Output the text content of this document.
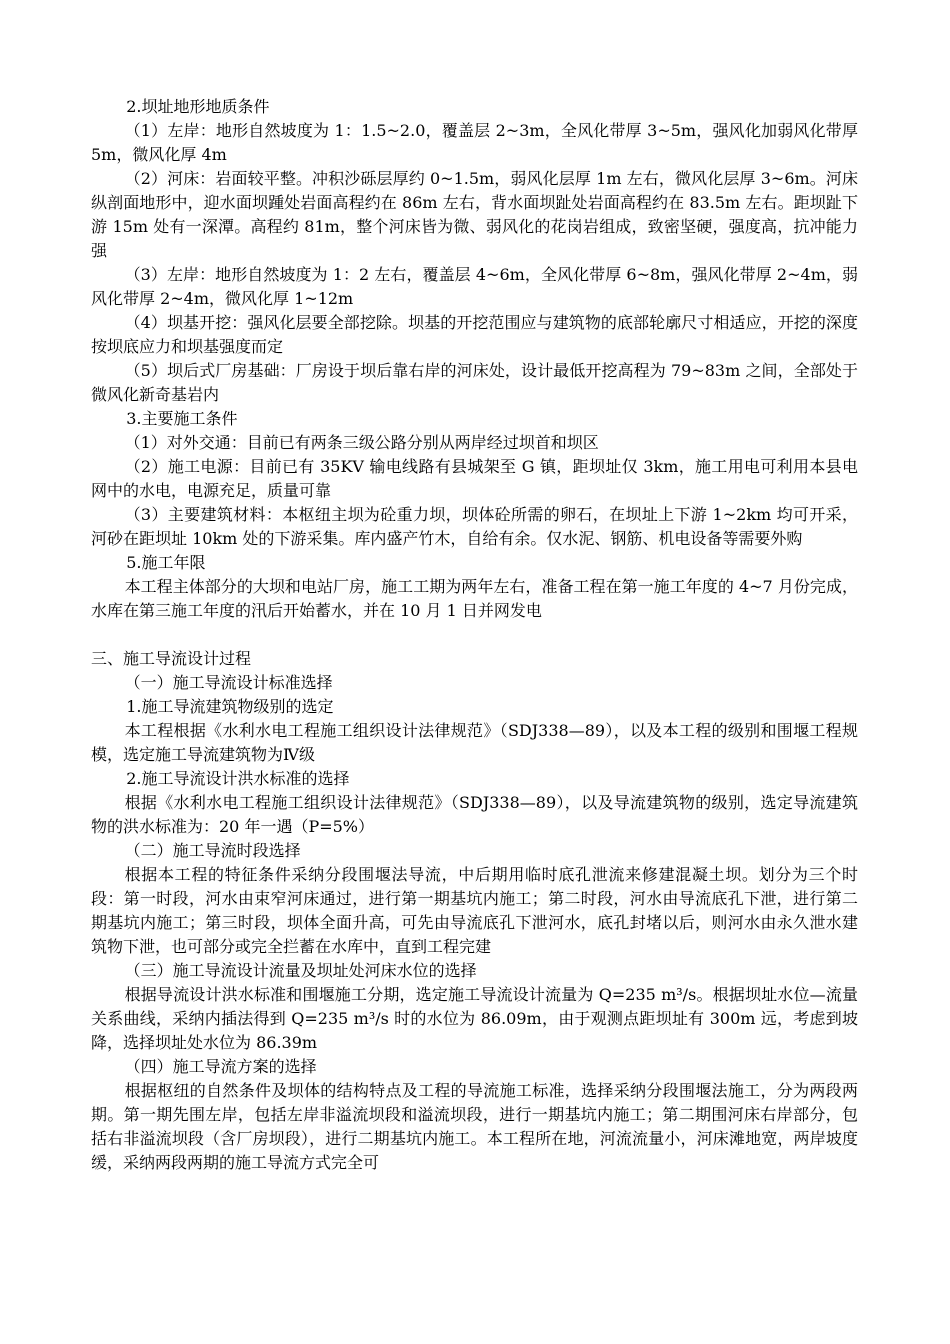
2.坝址地形地质条件

（1）左岸：地形自然坡度为 1：1.5~2.0，覆盖层 2~3m，全风化带厚 3~5m，强风化加弱风化带厚 5m，微风化厚 4m

（2）河床：岩面较平整。冲积沙砾层厚约 0~1.5m，弱风化层厚 1m 左右，微风化层厚 3~6m。河床纵剖面地形中，迎水面坝踵处岩面高程约在 86m 左右，背水面坝趾处岩面高程约在 83.5m 左右。距坝趾下游 15m 处有一深潭。高程约 81m，整个河床皆为微、弱风化的花岗岩组成，致密坚硬，强度高，抗冲能力强

（3）左岸：地形自然坡度为 1：2 左右，覆盖层 4~6m，全风化带厚 6~8m，强风化带厚 2~4m，弱风化带厚 2~4m，微风化厚 1~12m

（4）坝基开挖：强风化层要全部挖除。坝基的开挖范围应与建筑物的底部轮廓尺寸相适应，开挖的深度按坝底应力和坝基强度而定

（5）坝后式厂房基础：厂房设于坝后靠右岸的河床处，设计最低开挖高程为 79~83m 之间，全部处于微风化新奇基岩内

3.主要施工条件

（1）对外交通：目前已有两条三级公路分别从两岸经过坝首和坝区

（2）施工电源：目前已有 35KV 输电线路有县城架至 G 镇，距坝址仅 3km，施工用电可利用本县电网中的水电，电源充足，质量可靠

（3）主要建筑材料：本枢纽主坝为砼重力坝，坝体砼所需的卵石，在坝址上下游 1~2km 均可开采，河砂在距坝址 10km 处的下游采集。库内盛产竹木，自给有余。仅水泥、钢筋、机电设备等需要外购

5.施工年限

本工程主体部分的大坝和电站厂房，施工工期为两年左右，准备工程在第一施工年度的 4~7 月份完成，水库在第三施工年度的汛后开始蓄水，并在 10 月 1 日并网发电

三、施工导流设计过程

（一）施工导流设计标准选择

1.施工导流建筑物级别的选定

本工程根据《水利水电工程施工组织设计法律规范》（SDJ338—89），以及本工程的级别和围堰工程规模，选定施工导流建筑物为Ⅳ级

2.施工导流设计洪水标准的选择

根据《水利水电工程施工组织设计法律规范》（SDJ338—89），以及导流建筑物的级别，选定导流建筑物的洪水标准为：20 年一遇（P=5%）

（二）施工导流时段选择

根据本工程的特征条件采纳分段围堰法导流，中后期用临时底孔泄流来修建混凝土坝。划分为三个时段：第一时段，河水由束窄河床通过，进行第一期基坑内施工；第二时段，河水由导流底孔下泄，进行第二期基坑内施工；第三时段，坝体全面升高，可先由导流底孔下泄河水，底孔封堵以后，则河水由永久泄水建筑物下泄，也可部分或完全拦蓄在水库中，直到工程完建

（三）施工导流设计流量及坝址处河床水位的选择

根据导流设计洪水标准和围堰施工分期，选定施工导流设计流量为 Q=235 m³/s。根据坝址水位—流量关系曲线，采纳内插法得到 Q=235 m³/s 时的水位为 86.09m，由于观测点距坝址有 300m 远，考虑到坡降，选择坝址处水位为 86.39m

（四）施工导流方案的选择

根据枢纽的自然条件及坝体的结构特点及工程的导流施工标准，选择采纳分段围堰法施工，分为两段两期。第一期先围左岸，包括左岸非溢流坝段和溢流坝段，进行一期基坑内施工；第二期围河床右岸部分，包括右非溢流坝段（含厂房坝段），进行二期基坑内施工。本工程所在地，河流流量小，河床滩地宽，两岸坡度缓，采纳两段两期的施工导流方式完全可
